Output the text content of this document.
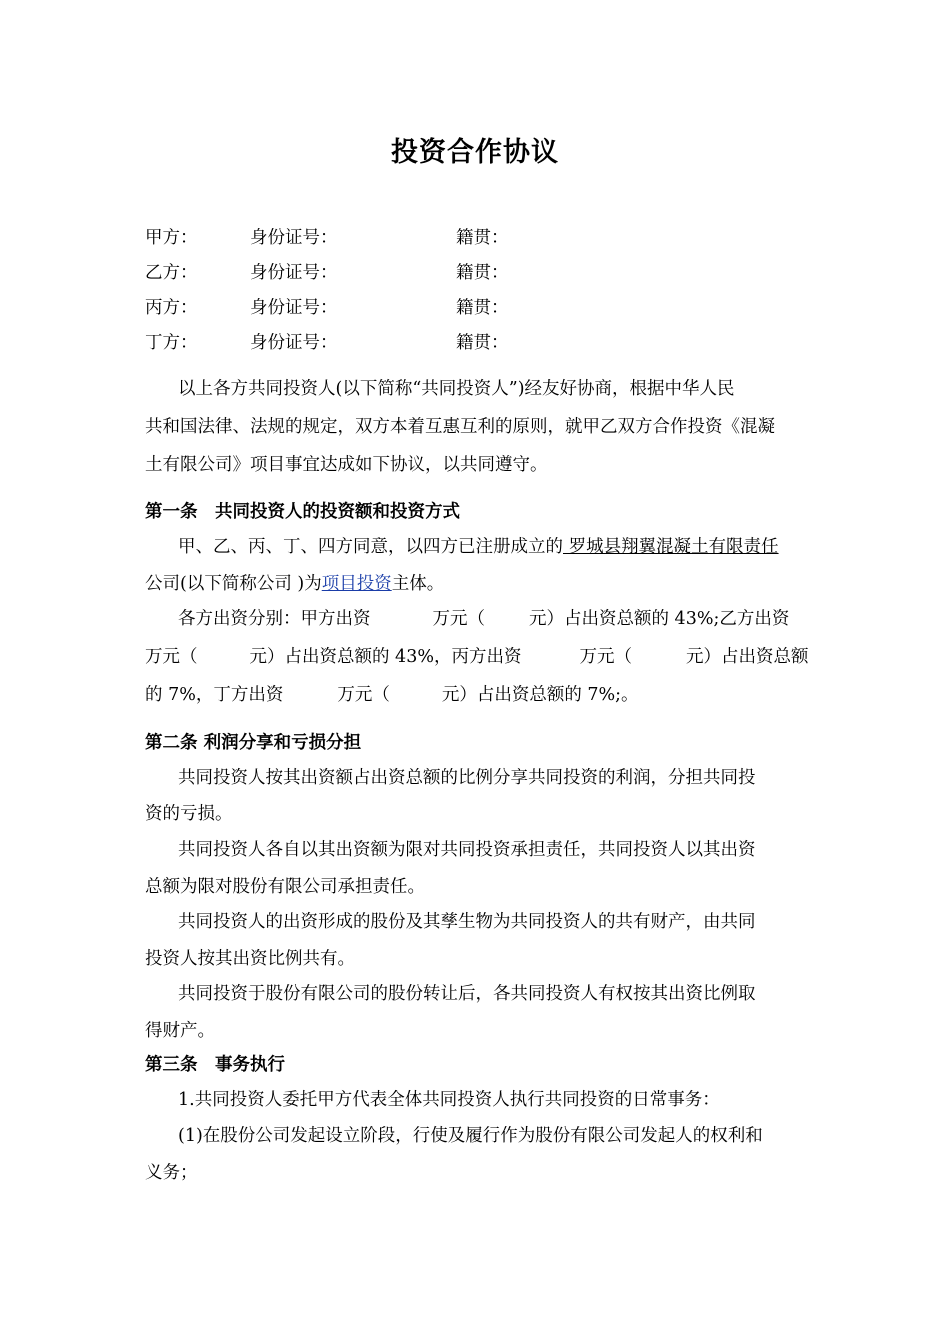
投资合作协议
甲方：	身份证号：	籍贯：
乙方：	身份证号：	籍贯：
丙方：	身份证号：	籍贯：
丁方：	身份证号：	籍贯：
以上各方共同投资人(以下简称“共同投资人”)经友好协商，根据中华人民
共和国法律、法规的规定，双方本着互惠互利的原则，就甲乙双方合作投资《混凝
土有限公司》项目事宜达成如下协议，以共同遵守。
第一条　共同投资人的投资额和投资方式
甲、乙、丙、丁、四方同意，以四方已注册成立的 罗城县翔翼混凝土有限责任
公司(以下简称公司 )为项目投资主体。
各方出资分别：甲方出资	万元（	元）占出资总额的 43%;乙方出资
万元（	元）占出资总额的 43%，丙方出资	万元（	元）占出资总额
的 7%，丁方出资	万元（	元）占出资总额的 7%;。
第二条 利润分享和亏损分担
共同投资人按其出资额占出资总额的比例分享共同投资的利润，分担共同投
资的亏损。
共同投资人各自以其出资额为限对共同投资承担责任，共同投资人以其出资
总额为限对股份有限公司承担责任。
共同投资人的出资形成的股份及其孳生物为共同投资人的共有财产，由共同
投资人按其出资比例共有。
共同投资于股份有限公司的股份转让后，各共同投资人有权按其出资比例取
得财产。
第三条　事务执行
1.共同投资人委托甲方代表全体共同投资人执行共同投资的日常事务：
(1)在股份公司发起设立阶段，行使及履行作为股份有限公司发起人的权利和
义务；
